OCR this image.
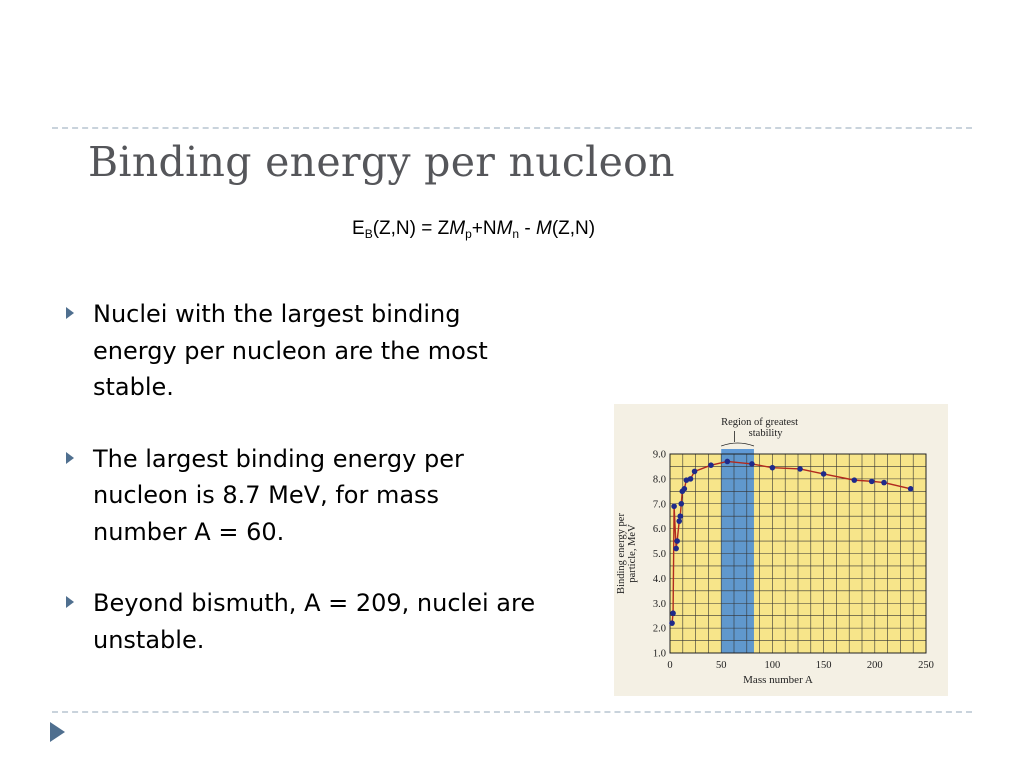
Binding energy per nucleon
$E_B(Z,N) = ZM_p+NM_n - M(Z,N)$
Nuclei with the largest binding energy per nucleon are the most stable.
The largest binding energy per nucleon is 8.7 MeV, for mass number A = 60.
Beyond bismuth, A = 209, nuclei are unstable.
0	50	100	150	200	250
1.0
2.0
3.0
4.0
5.0
6.0
7.0
8.0
9.0
Mass number A
Binding energy per particle, MeV
Region of greatest
stability
